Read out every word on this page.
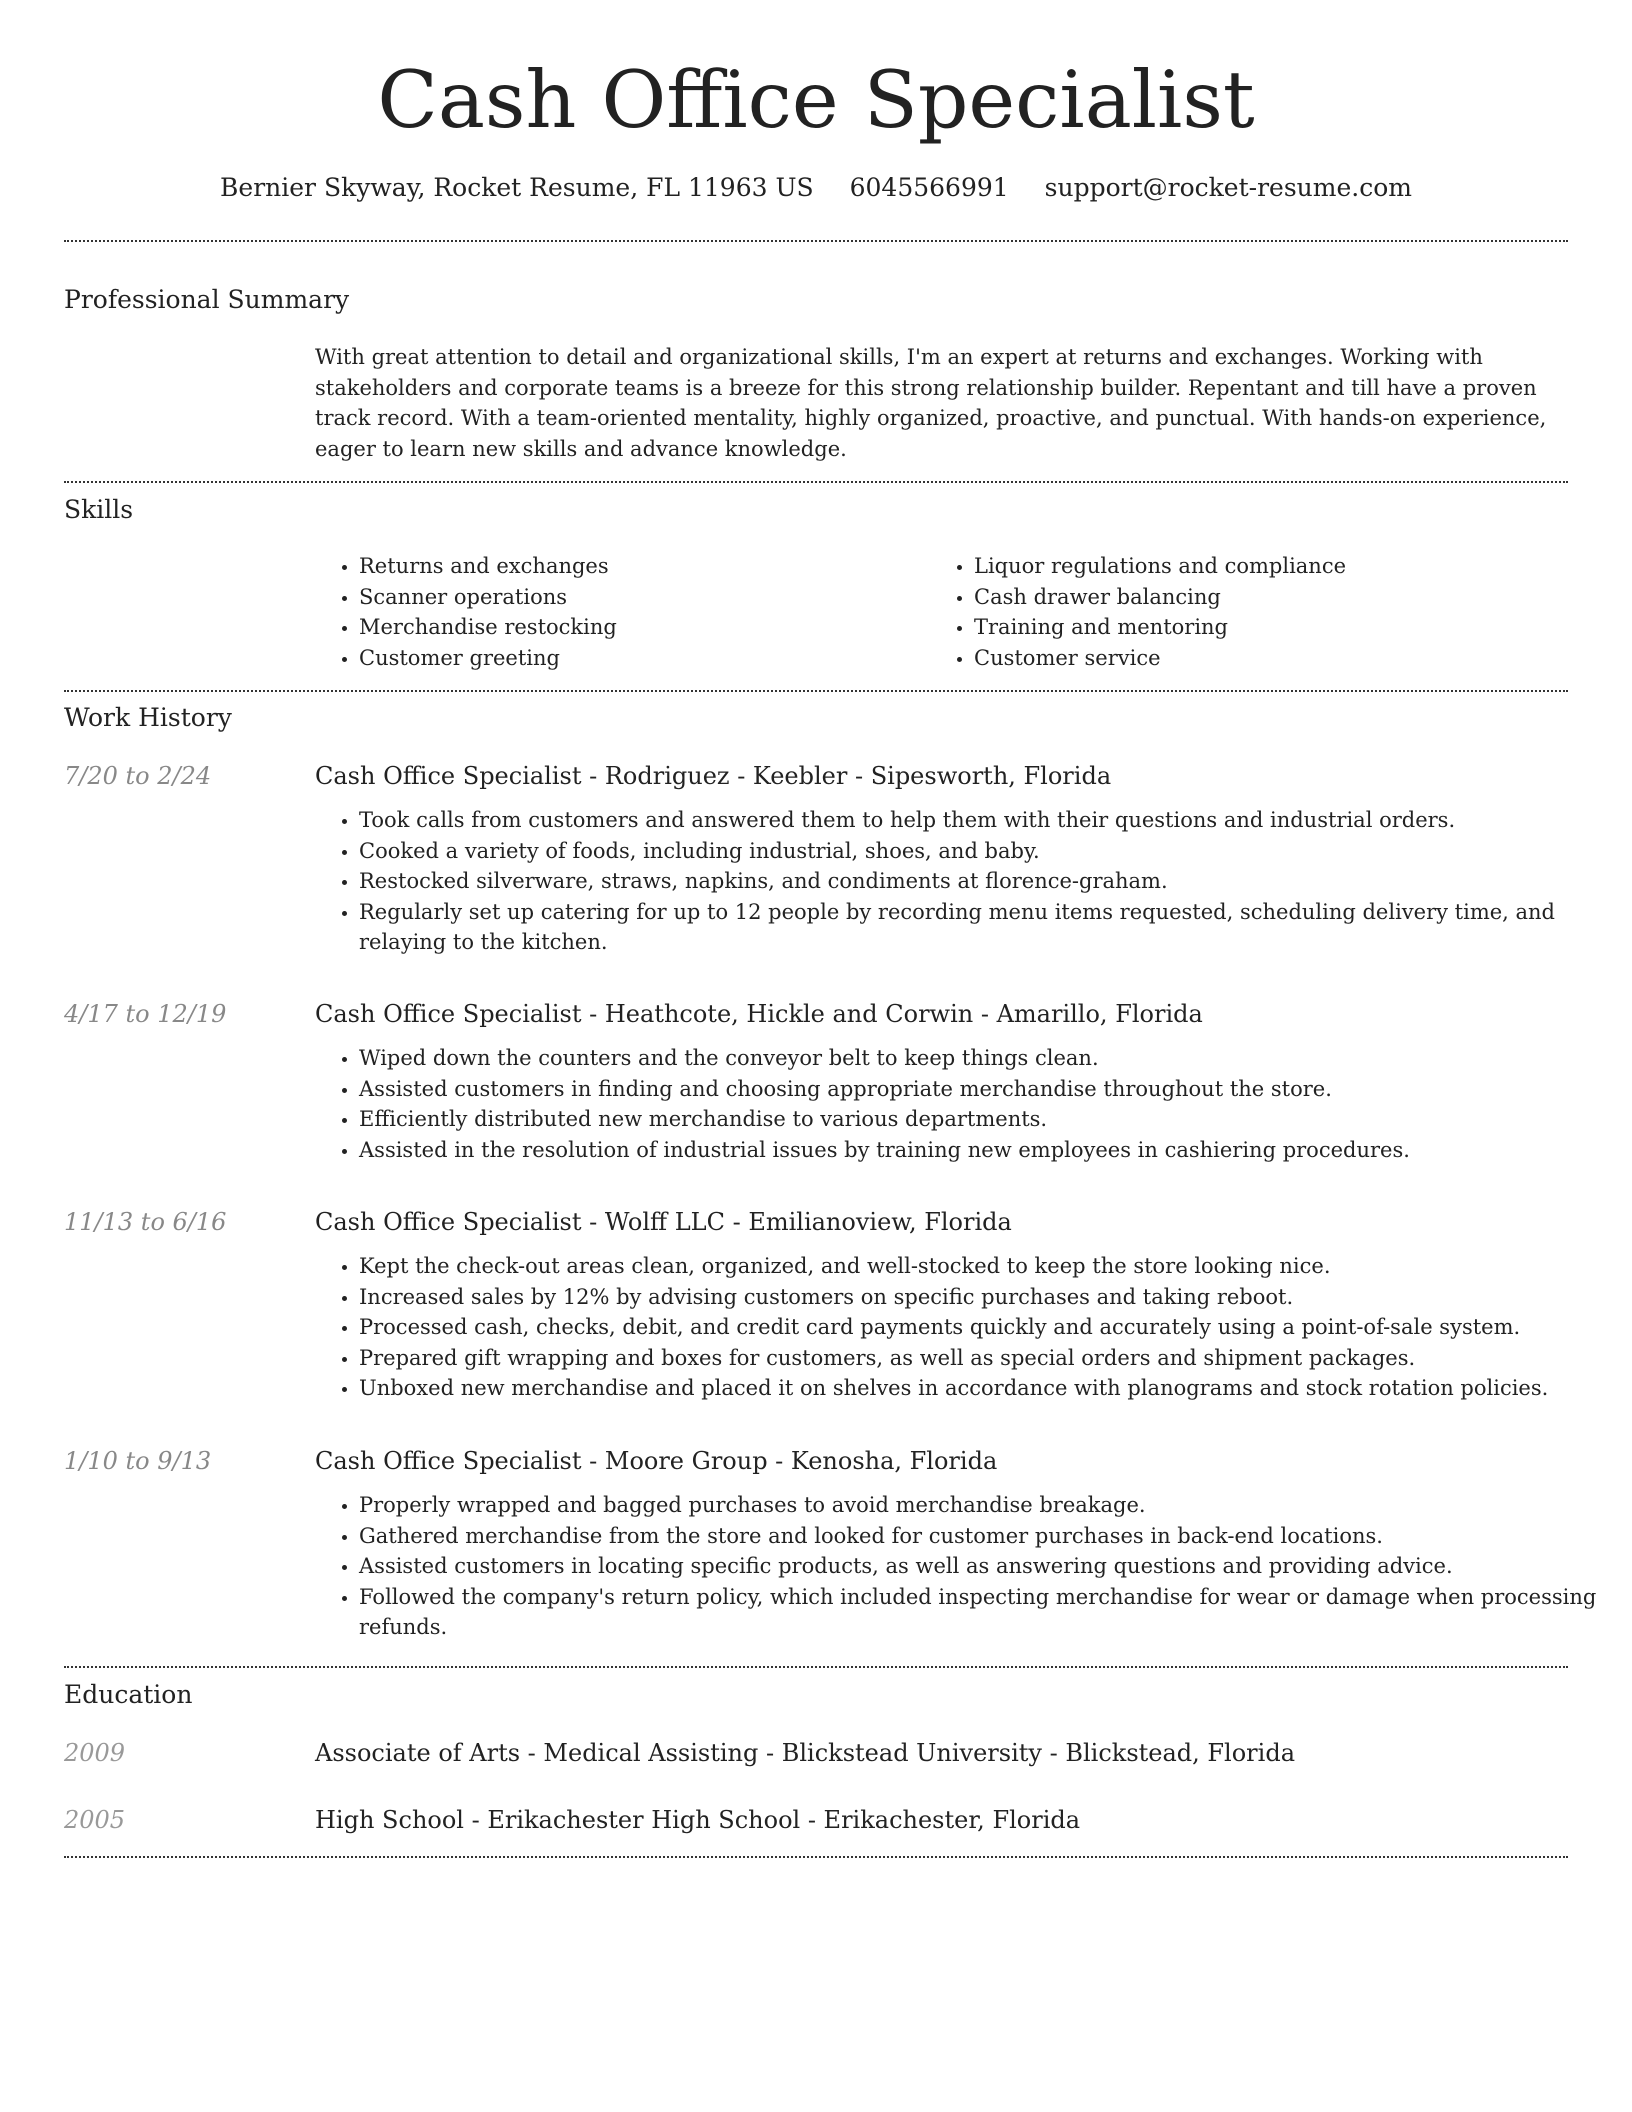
Cash Office Specialist
Bernier Skyway, Rocket Resume, FL 11963 US 6045566991 support@rocket-resume.com
Professional Summary

With great attention to detail and organizational skills, I'm an expert at returns and exchanges. Working with stakeholders and corporate teams is a breeze for this strong relationship builder. Repentant and till have a proven track record. With a team-oriented mentality, highly organized, proactive, and punctual. With hands-on experience, eager to learn new skills and advance knowledge.

Skills
• Returns and exchanges
• Scanner operations
• Merchandise restocking
• Customer greeting
• Liquor regulations and compliance
• Cash drawer balancing
• Training and mentoring
• Customer service
Work History
7/20 to 2/24	Cash Office Specialist - Rodriguez - Keebler - Sipesworth, Florida
• Took calls from customers and answered them to help them with their questions and industrial orders.
• Cooked a variety of foods, including industrial, shoes, and baby.
• Restocked silverware, straws, napkins, and condiments at florence-graham.
• Regularly set up catering for up to 12 people by recording menu items requested, scheduling delivery time, and relaying to the kitchen.
4/17 to 12/19	Cash Office Specialist - Heathcote, Hickle and Corwin - Amarillo, Florida
• Wiped down the counters and the conveyor belt to keep things clean.
• Assisted customers in finding and choosing appropriate merchandise throughout the store.
• Efficiently distributed new merchandise to various departments.
• Assisted in the resolution of industrial issues by training new employees in cashiering procedures.
11/13 to 6/16	Cash Office Specialist - Wolff LLC - Emilianoview, Florida
• Kept the check-out areas clean, organized, and well-stocked to keep the store looking nice.
• Increased sales by 12% by advising customers on specific purchases and taking reboot.
• Processed cash, checks, debit, and credit card payments quickly and accurately using a point-of-sale system.
• Prepared gift wrapping and boxes for customers, as well as special orders and shipment packages.
• Unboxed new merchandise and placed it on shelves in accordance with planograms and stock rotation policies.
1/10 to 9/13	Cash Office Specialist - Moore Group - Kenosha, Florida
• Properly wrapped and bagged purchases to avoid merchandise breakage.
• Gathered merchandise from the store and looked for customer purchases in back-end locations.
• Assisted customers in locating specific products, as well as answering questions and providing advice.
• Followed the company's return policy, which included inspecting merchandise for wear or damage when processing refunds.
Education
2009	Associate of Arts - Medical Assisting - Blickstead University - Blickstead, Florida
2005	High School - Erikachester High School - Erikachester, Florida
